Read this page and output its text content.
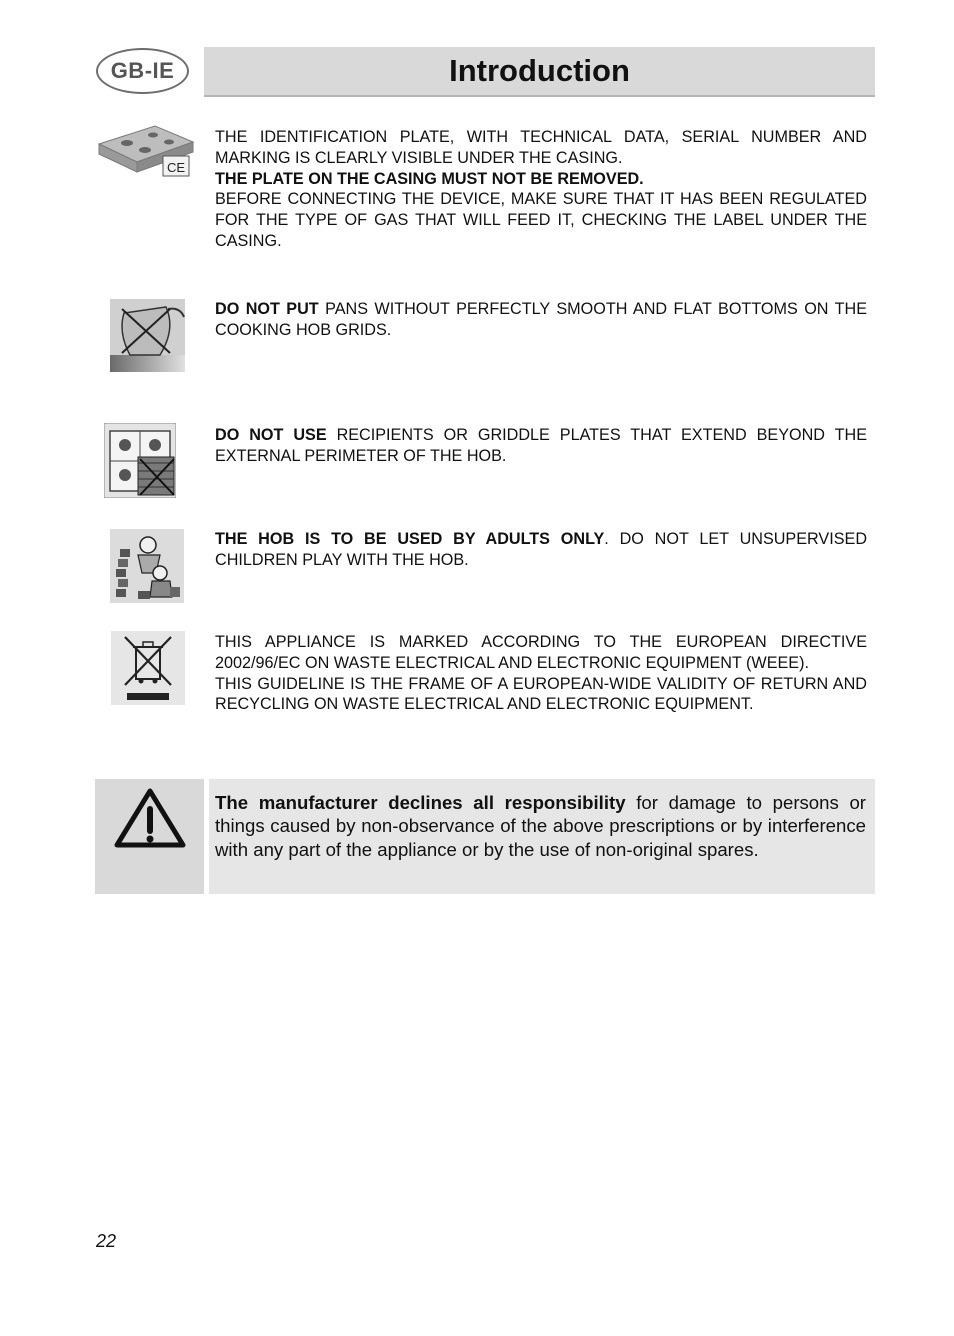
GB-IE	Introduction
CE

THE IDENTIFICATION PLATE, WITH TECHNICAL DATA, SERIAL NUMBER AND MARKING IS CLEARLY VISIBLE UNDER THE CASING.

THE PLATE ON THE CASING MUST NOT BE REMOVED.

BEFORE CONNECTING THE DEVICE, MAKE SURE THAT IT HAS BEEN REGULATED FOR THE TYPE OF GAS THAT WILL FEED IT, CHECKING THE LABEL UNDER THE CASING.

DO NOT PUT PANS WITHOUT PERFECTLY SMOOTH AND FLAT BOTTOMS ON THE COOKING HOB GRIDS.

DO NOT USE RECIPIENTS OR GRIDDLE PLATES THAT EXTEND BEYOND THE EXTERNAL PERIMETER OF THE HOB.

THE HOB IS TO BE USED BY ADULTS ONLY. DO NOT LET UNSUPERVISED CHILDREN PLAY WITH THE HOB.

THIS APPLIANCE IS MARKED ACCORDING TO THE EUROPEAN DIRECTIVE 2002/96/EC ON WASTE ELECTRICAL AND ELECTRONIC EQUIPMENT (WEEE).

THIS GUIDELINE IS THE FRAME OF A EUROPEAN-WIDE VALIDITY OF RETURN AND RECYCLING ON WASTE ELECTRICAL AND ELECTRONIC EQUIPMENT.

The manufacturer declines all responsibility for damage to persons or things caused by non-observance of the above prescriptions or by interference with any part of the appliance or by the use of non-original spares.
22
